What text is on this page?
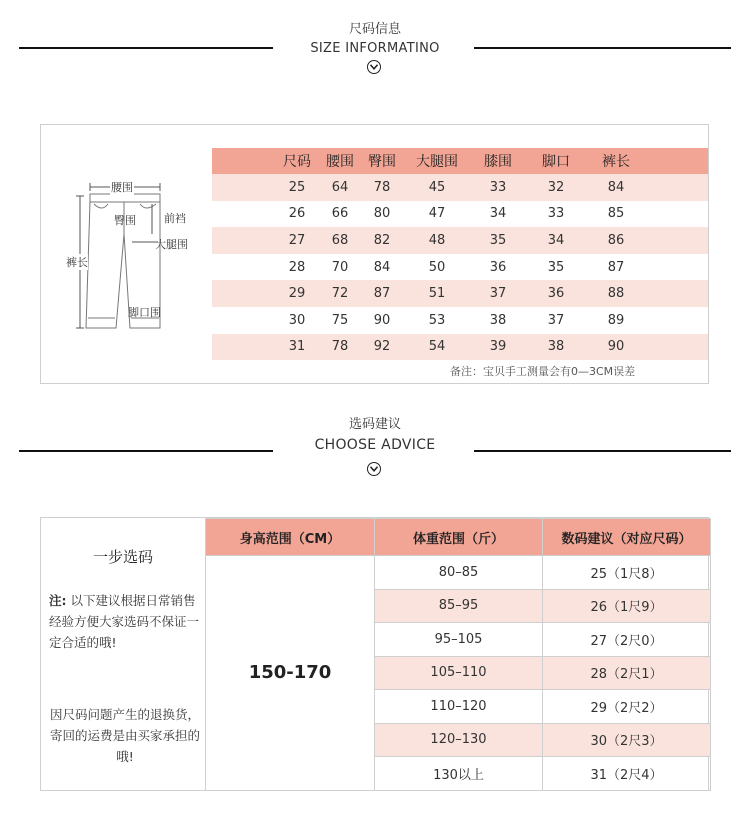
尺码信息
SIZE INFORMATINO
腰围
臀围	前裆
大腿围
裤长
脚口围
	尺码	腰围	臀围	大腿围	膝围	脚口	裤长	
	25	64	78	45	33	32	84	
	26	66	80	47	34	33	85	
	27	68	82	48	35	34	86	
	28	70	84	50	36	35	87	
	29	72	87	51	37	36	88	
	30	75	90	53	38	37	89	
	31	78	92	54	39	38	90	
备注：宝贝手工测量会有0—3CM误差
选码建议
CHOOSE ADVICE
一步选码
注: 以下建议根据日常销售经验方便大家选码不保证一定合适的哦!
因尺码问题产生的退换货，寄回的运费是由买家承担的哦!
身高范围（CM）	体重范围（斤）	数码建议（对应尺码）
150-170	80–85	25（1尺8）
	85–95	26（1尺9）
	95–105	27（2尺0）
	105–110	28（2尺1）
	110–120	29（2尺2）
	120–130	30（2尺3）
	130以上	31（2尺4）
